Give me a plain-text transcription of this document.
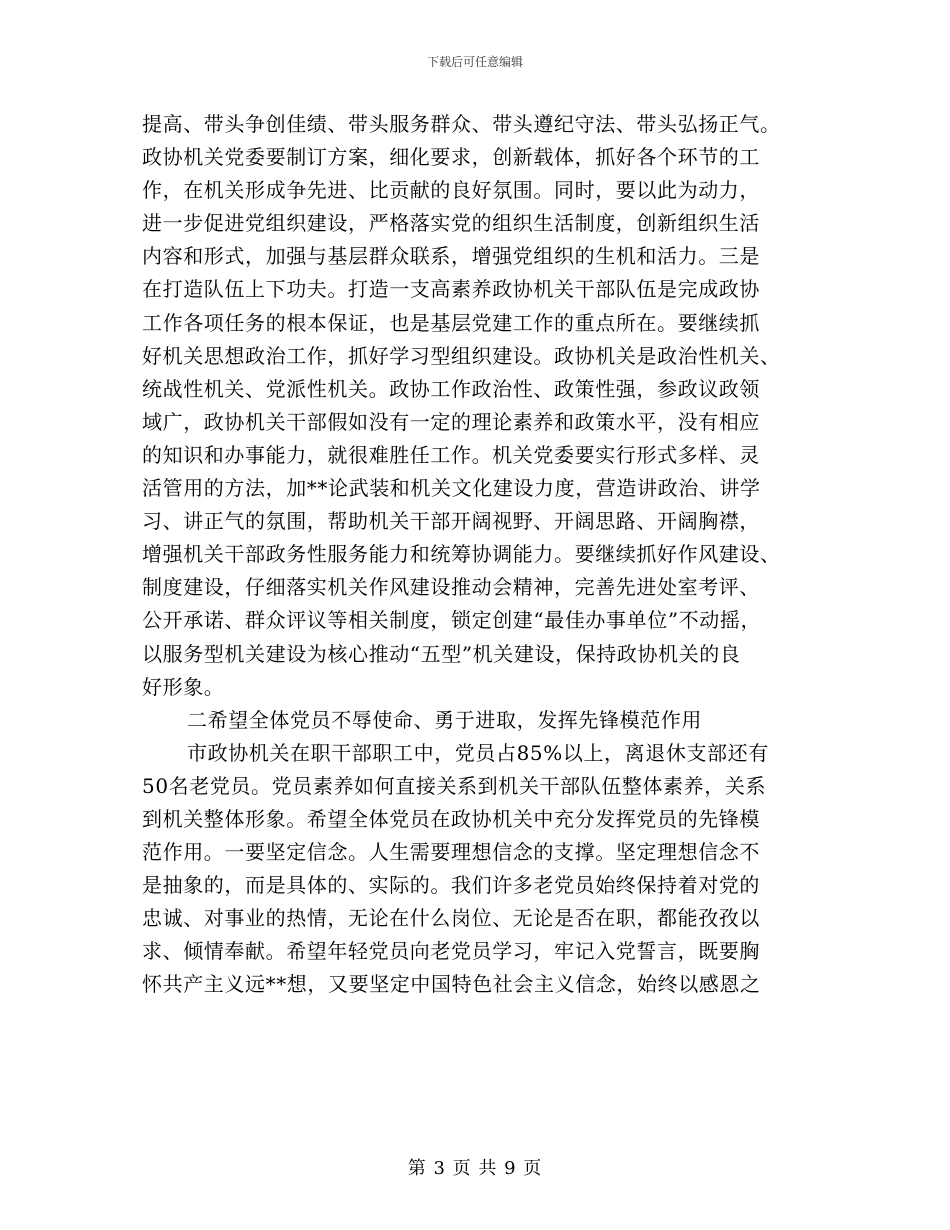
下载后可任意编辑
提高、带头争创佳绩、带头服务群众、带头遵纪守法、带头弘扬正气。
政协机关党委要制订方案，细化要求，创新载体，抓好各个环节的工
作，在机关形成争先进、比贡献的良好氛围。同时，要以此为动力，
进一步促进党组织建设，严格落实党的组织生活制度，创新组织生活
内容和形式，加强与基层群众联系，增强党组织的生机和活力。三是
在打造队伍上下功夫。打造一支高素养政协机关干部队伍是完成政协
工作各项任务的根本保证，也是基层党建工作的重点所在。要继续抓
好机关思想政治工作，抓好学习型组织建设。政协机关是政治性机关、
统战性机关、党派性机关。政协工作政治性、政策性强，参政议政领
域广，政协机关干部假如没有一定的理论素养和政策水平，没有相应
的知识和办事能力，就很难胜任工作。机关党委要实行形式多样、灵
活管用的方法，加**论武装和机关文化建设力度，营造讲政治、讲学
习、讲正气的氛围，帮助机关干部开阔视野、开阔思路、开阔胸襟，
增强机关干部政务性服务能力和统筹协调能力。要继续抓好作风建设、
制度建设，仔细落实机关作风建设推动会精神，完善先进处室考评、
公开承诺、群众评议等相关制度，锁定创建“最佳办事单位”不动摇，
以服务型机关建设为核心推动“五型”机关建设，保持政协机关的良
好形象。
二希望全体党员不辱使命、勇于进取，发挥先锋模范作用
市政协机关在职干部职工中，党员占85%以上，离退休支部还有
50名老党员。党员素养如何直接关系到机关干部队伍整体素养，关系
到机关整体形象。希望全体党员在政协机关中充分发挥党员的先锋模
范作用。一要坚定信念。人生需要理想信念的支撑。坚定理想信念不
是抽象的，而是具体的、实际的。我们许多老党员始终保持着对党的
忠诚、对事业的热情，无论在什么岗位、无论是否在职，都能孜孜以
求、倾情奉献。希望年轻党员向老党员学习，牢记入党誓言，既要胸
怀共产主义远**想，又要坚定中国特色社会主义信念，始终以感恩之
第 3 页 共 9 页
